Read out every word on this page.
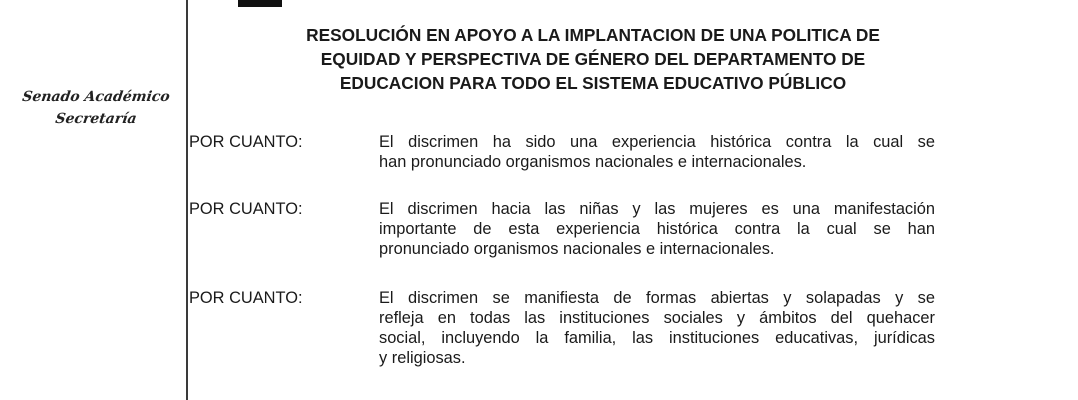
Senado Académico
Secretaría
RESOLUCIÓN EN APOYO A LA IMPLANTACION DE UNA POLITICA DE
EQUIDAD Y PERSPECTIVA DE GÉNERO DEL DEPARTAMENTO DE
EDUCACION PARA TODO EL SISTEMA EDUCATIVO PÚBLICO
POR CUANTO:	El discrimen ha sido una experiencia histórica contra la cual se
han pronunciado organismos nacionales e internacionales.
POR CUANTO:	El discrimen hacia las niñas y las mujeres es una manifestación
importante de esta experiencia histórica contra la cual se han
pronunciado organismos nacionales e internacionales.
POR CUANTO:	El discrimen se manifiesta de formas abiertas y solapadas y se
refleja en todas las instituciones sociales y ámbitos del quehacer
social, incluyendo la familia, las instituciones educativas, jurídicas
y religiosas.
